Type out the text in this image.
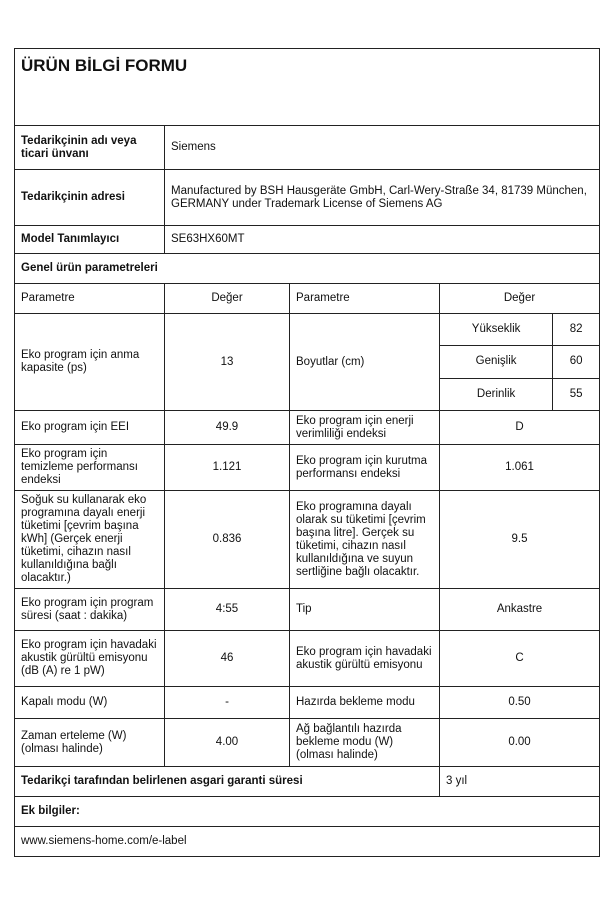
ÜRÜN BİLGİ FORMU
Tedarikçinin adı veya ticari ünvanı	Siemens
Tedarikçinin adresi	Manufactured by BSH Hausgeräte GmbH, Carl-Wery-Straße 34, 81739 München, GERMANY under Trademark License of Siemens AG
Model Tanımlayıcı	SE63HX60MT
Genel ürün parametreleri
Parametre	Değer	Parametre	Değer
Eko program için anma kapasite (ps)	13	Boyutlar (cm)	
Yükseklik	82
Genişlik	60
Derinlik	55

Eko program için EEI	49.9	Eko program için enerji verimliliği endeksi	D
Eko program için temizleme performansı endeksi	1.121	Eko program için kurutma performansı endeksi	1.061
Soğuk su kullanarak eko programına dayalı enerji tüketimi [çevrim başına kWh] (Gerçek enerji tüketimi, cihazın nasıl kullanıldığına bağlı olacaktır.)	0.836	Eko programına dayalı olarak su tüketimi [çevrim başına litre]. Gerçek su tüketimi, cihazın nasıl kullanıldığına ve suyun sertliğine bağlı olacaktır.	9.5
Eko program için program süresi (saat : dakika)	4:55	Tip	Ankastre
Eko program için havadaki akustik gürültü emisyonu (dB (A) re 1 pW)	46	Eko program için havadaki akustik gürültü emisyonu	C
Kapalı modu (W)	-	Hazırda bekleme modu	0.50
Zaman erteleme (W) (olması halinde)	4.00	Ağ bağlantılı hazırda bekleme modu (W) (olması halinde)	0.00
Tedarikçi tarafından belirlenen asgari garanti süresi	3 yıl
Ek bilgiler:
www.siemens-home.com/e-label
